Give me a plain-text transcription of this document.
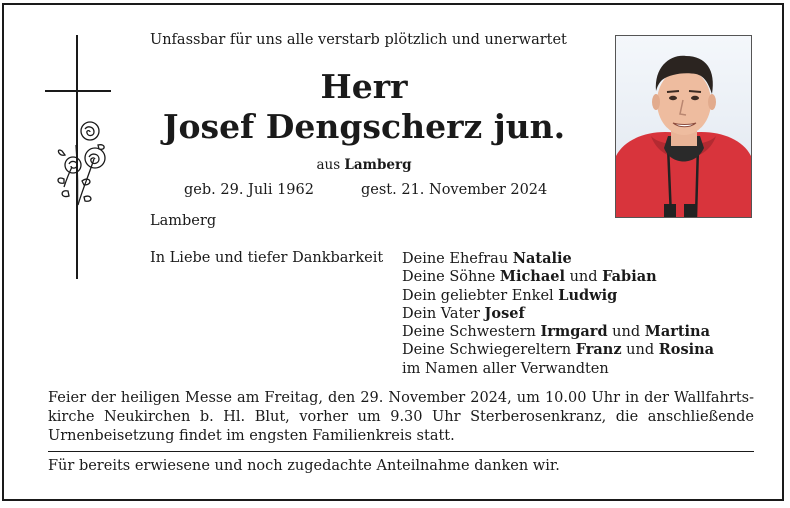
Unfassbar für uns alle verstarb plötzlich und unerwartet
Herr
Josef Dengscherz jun.
aus Lamberg
geb. 29. Juli 1962	gest. 21. November 2024
Lamberg
In Liebe und tiefer Dankbarkeit Deine Ehefrau Natalie
Deine Söhne Michael und Fabian
Dein geliebter Enkel Ludwig
Dein Vater Josef
Deine Schwestern Irmgard und Martina
Deine Schwiegereltern Franz und Rosina
im Namen aller Verwandten
Feier der heiligen Messe am Freitag, den 29. November 2024, um 10.00 Uhr in der Wallfahrtskirche Neukirchen b. Hl. Blut, vorher um 9.30 Uhr Sterberosenkranz, die anschließende Urnenbeisetzung findet im engsten Familienkreis statt.
Für bereits erwiesene und noch zugedachte Anteilnahme danken wir.
